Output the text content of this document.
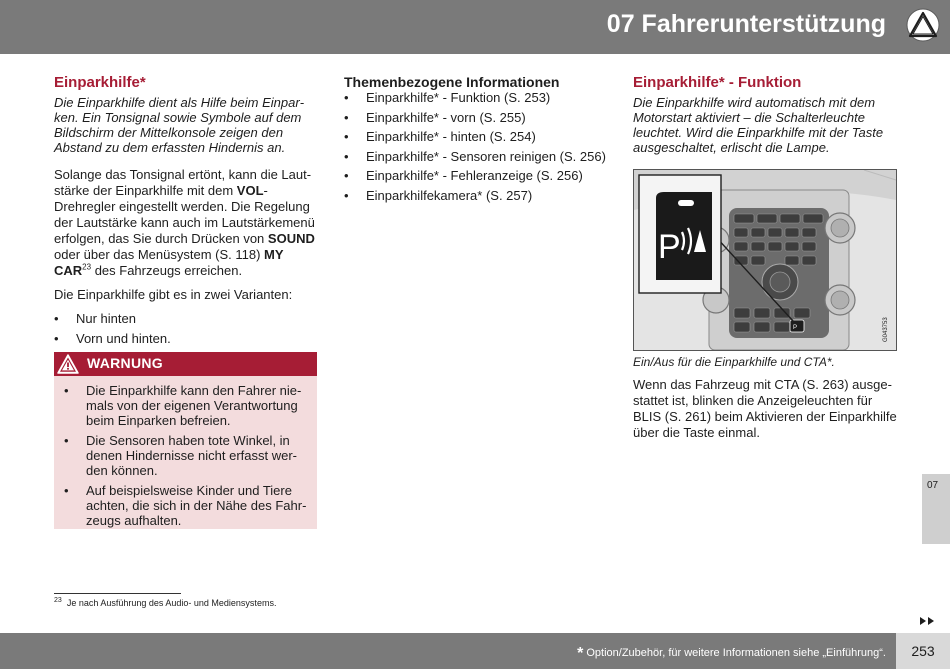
07 Fahrerunterstützung
Einparkhilfe*

Die Einparkhilfe dient als Hilfe beim Einparken. Ein Tonsignal sowie Symbole auf dem Bildschirm der Mittelkonsole zeigen den Abstand zu dem erfassten Hindernis an.

Solange das Tonsignal ertönt, kann die Lautstärke der Einparkhilfe mit dem VOL-Drehregler eingestellt werden. Die Regelung der Lautstärke kann auch im Lautstärkemenü erfolgen, das Sie durch Drücken von SOUND oder über das Menüsystem (S. 118) MY CAR$^{23}$ des Fahrzeugs erreichen.

Die Einparkhilfe gibt es in zwei Varianten:

• Nur hinten
• Vorn und hinten.
WARNUNG
• Die Einparkhilfe kann den Fahrer niemals von der eigenen Verantwortung beim Einparken befreien.
• Die Sensoren haben tote Winkel, in denen Hindernisse nicht erfasst werden können.
• Auf beispielsweise Kinder und Tiere achten, die sich in der Nähe des Fahrzeugs aufhalten.
Themenbezogene Informationen
• Einparkhilfe* - Funktion (S. 253)
• Einparkhilfe* - vorn (S. 255)
• Einparkhilfe* - hinten (S. 254)
• Einparkhilfe* - Sensoren reinigen (S. 256)
• Einparkhilfe* - Fehleranzeige (S. 256)
• Einparkhilfekamera* (S. 257)
Einparkhilfe* - Funktion

Die Einparkhilfe wird automatisch mit dem Motorstart aktiviert – die Schalterleuchte leuchtet. Wird die Einparkhilfe mit der Taste ausgeschaltet, erlischt die Lampe.

P
P
G043753

Ein/Aus für die Einparkhilfe und CTA*.

Wenn das Fahrzeug mit CTA (S. 263) ausgestattet ist, blinken die Anzeigeleuchten für BLIS (S. 261) beim Aktivieren der Einparkhilfe über die Taste einmal.

07
$^{23}$ Je nach Ausführung des Audio- und Mediensystems.
* Option/Zubehör, für weitere Informationen siehe „Einführung“.	253
